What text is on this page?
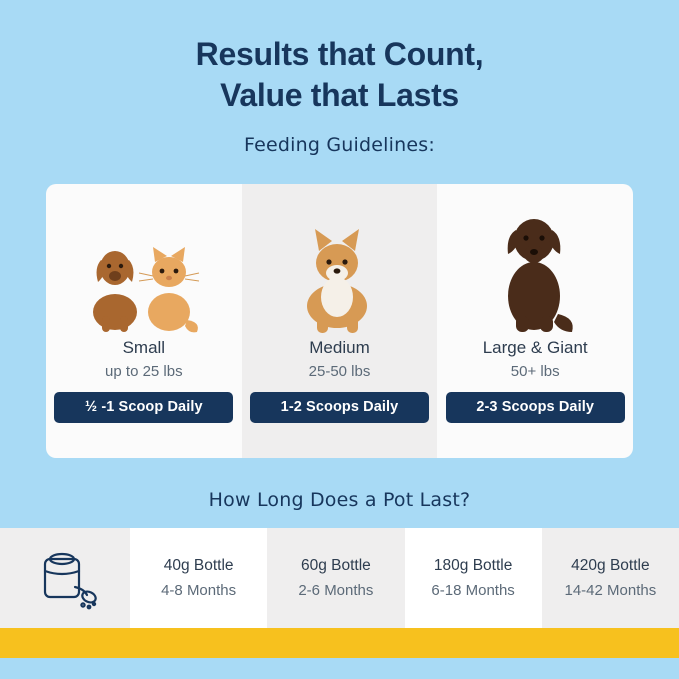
Results that Count,
Value that Lasts
Feeding Guidelines:
Small
up to 25 lbs
½ -1 Scoop Daily
Medium
25-50 lbs
1-2 Scoops Daily
Large & Giant
50+ lbs
2-3 Scoops Daily
How Long Does a Pot Last?
40g Bottle
4-8 Months
60g Bottle
2-6 Months
180g Bottle
6-18 Months
420g Bottle
14-42 Months
